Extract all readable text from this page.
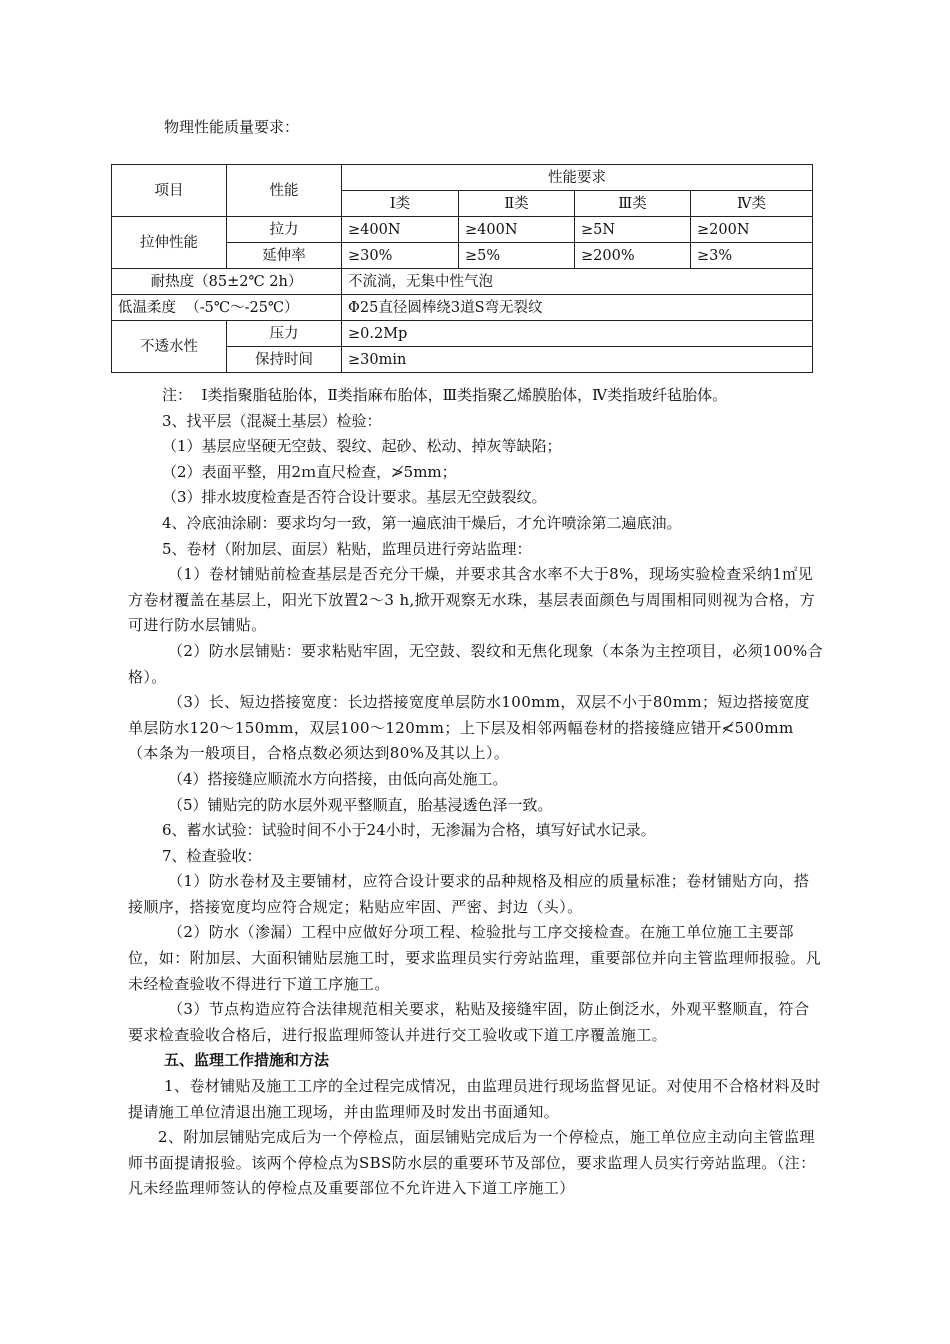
物理性能质量要求：
项目	性能	性能要求			
		Ⅰ类	Ⅱ类	Ⅲ类	Ⅳ类
拉伸性能	拉力	≥400N	≥400N	≥5N	≥200N
	延伸率	≥30%	≥5%	≥200%	≥3%
耐热度（85±2℃ 2h）		不流淌，无集中性气泡			
低温柔度  （-5℃～-25℃）		Φ25直径圆棒绕3道S弯无裂纹			
不透水性	压力	≥0.2Mp			
	保持时间	≥30min			

注：  Ⅰ类指聚脂毡胎体，Ⅱ类指麻布胎体，Ⅲ类指聚乙烯膜胎体，Ⅳ类指玻纤毡胎体。

3、找平层（混凝土基层）检验：

（1）基层应坚硬无空鼓、裂纹、起砂、松动、掉灰等缺陷；

（2）表面平整，用2ｍ直尺检查，≯5mm；

（3）排水坡度检查是否符合设计要求。基层无空鼓裂纹。

4、冷底油涂刷：要求均匀一致，第一遍底油干燥后，才允许喷涂第二遍底油。

5、卷材（附加层、面层）粘贴，监理员进行旁站监理：

（1）卷材铺贴前检查基层是否充分干燥，并要求其含水率不大于8%，现场实验检查采纳1㎡见方卷材覆盖在基层上，阳光下放置2～3 h,掀开观察无水珠，基层表面颜色与周围相同则视为合格，方可进行防水层铺贴。

（2）防水层铺贴：要求粘贴牢固，无空鼓、裂纹和无焦化现象（本条为主控项目，必须100%合格）。

（3）长、短边搭接宽度：长边搭接宽度单层防水100mm，双层不小于80mm；短边搭接宽度单层防水120～150mm，双层100～120mm；上下层及相邻两幅卷材的搭接缝应错开≮500mm（本条为一般项目，合格点数必须达到80%及其以上）。

（4）搭接缝应顺流水方向搭接，由低向高处施工。

（5）铺贴完的防水层外观平整顺直，胎基浸透色泽一致。

6、蓄水试验：试验时间不小于24小时，无渗漏为合格，填写好试水记录。

7、检查验收：

（1）防水卷材及主要铺材，应符合设计要求的品种规格及相应的质量标准；卷材铺贴方向，搭接顺序，搭接宽度均应符合规定；粘贴应牢固、严密、封边（头）。

（2）防水（渗漏）工程中应做好分项工程、检验批与工序交接检查。在施工单位施工主要部位，如：附加层、大面积铺贴层施工时，要求监理员实行旁站监理，重要部位并向主管监理师报验。凡未经检查验收不得进行下道工序施工。

（3）节点构造应符合法律规范相关要求，粘贴及接缝牢固，防止倒泛水，外观平整顺直，符合要求检查验收合格后，进行报监理师签认并进行交工验收或下道工序覆盖施工。

五、监理工作措施和方法

1、卷材铺贴及施工工序的全过程完成情况，由监理员进行现场监督见证。对使用不合格材料及时提请施工单位清退出施工现场，并由监理师及时发出书面通知。

2、附加层铺贴完成后为一个停检点，面层铺贴完成后为一个停检点，施工单位应主动向主管监理师书面提请报验。该两个停检点为SBS防水层的重要环节及部位，要求监理人员实行旁站监理。（注：凡未经监理师签认的停检点及重要部位不允许进入下道工序施工）
